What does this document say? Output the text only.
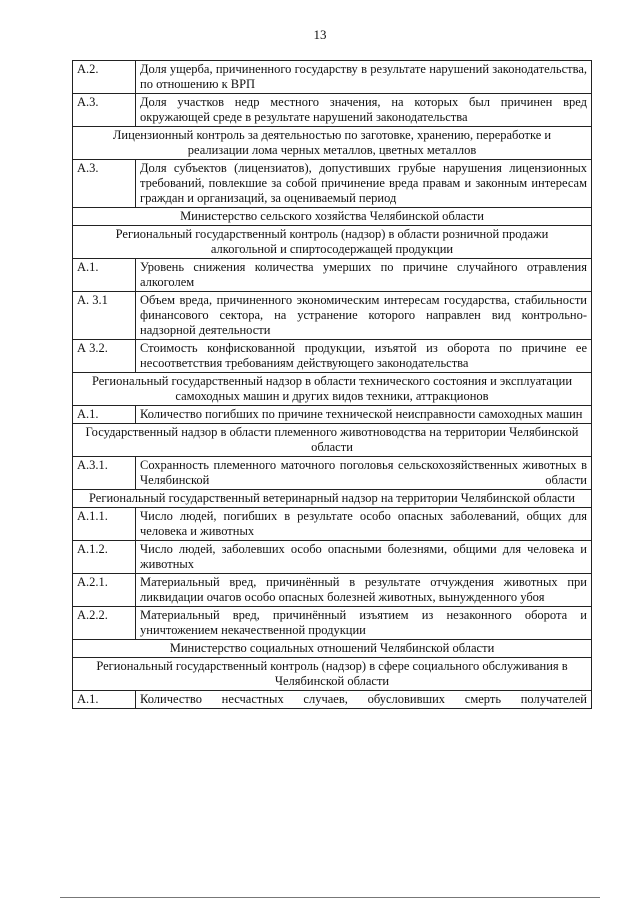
13
А.2.	Доля ущерба, причиненного государству в результате нарушений законодательства, по отношению к ВРП
А.3.	Доля участков недр местного значения, на которых был причинен вред окружающей среде в результате нарушений законодательства
Лицензионный контроль за деятельностью по заготовке, хранению, переработке и реализации лома черных металлов, цветных металлов	
А.3.	Доля субъектов (лицензиатов), допустивших грубые нарушения лицензионных требований, повлекшие за собой причинение вреда правам и законным интересам граждан и организаций, за оцениваемый период
Министерство сельского хозяйства Челябинской области	
Региональный государственный контроль (надзор) в области розничной продажи алкогольной и спиртосодержащей продукции	
А.1.	Уровень снижения количества умерших по причине случайного отравления алкоголем
А. 3.1	Объем вреда, причиненного экономическим интересам государства, стабильности финансового сектора, на устранение которого направлен вид контрольно-надзорной деятельности
А 3.2.	Стоимость конфискованной продукции, изъятой из оборота по причине ее несоответствия требованиям действующего законодательства
Региональный государственный надзор в области технического состояния и эксплуатации самоходных машин и других видов техники, аттракционов	
А.1.	Количество погибших по причине технической неисправности самоходных машин
Государственный надзор в области племенного животноводства на территории Челябинской области	
А.3.1.	Сохранность племенного маточного поголовья сельскохозяйственных животных в Челябинской области
Региональный государственный ветеринарный надзор на территории Челябинской области	
А.1.1.	Число людей, погибших в результате особо опасных заболеваний, общих для человека и животных
А.1.2.	Число людей, заболевших особо опасными болезнями, общими для человека и животных
А.2.1.	Материальный вред, причинённый в результате отчуждения животных при ликвидации очагов особо опасных болезней животных, вынужденного убоя
А.2.2.	Материальный вред, причинённый изъятием из незаконного оборота и уничтожением некачественной продукции
Министерство социальных отношений Челябинской области	
Региональный государственный контроль (надзор) в сфере социального обслуживания в Челябинской области	
А.1.	Количество несчастных случаев, обусловивших смерть получателей
